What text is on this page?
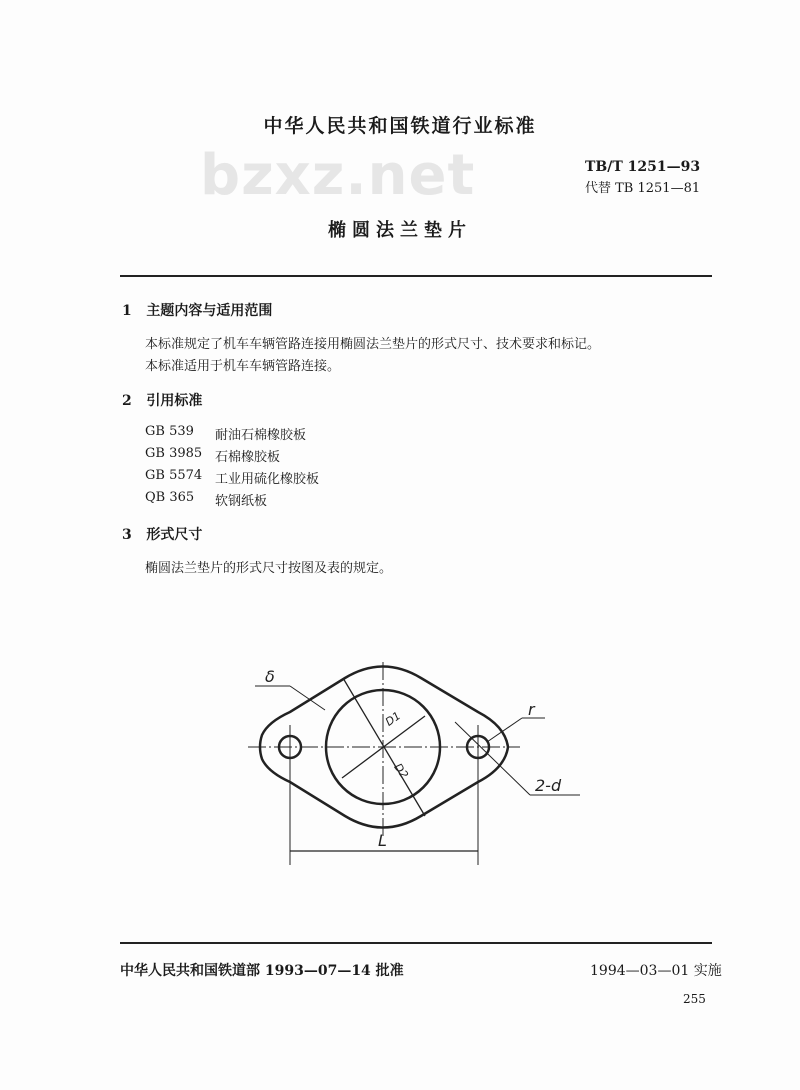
bzxz.net
中华人民共和国铁道行业标准
TB/T 1251—93
代替 TB 1251—81
椭圆法兰垫片
1 主题内容与适用范围
本标准规定了机车车辆管路连接用椭圆法兰垫片的形式尺寸、技术要求和标记。
本标准适用于机车车辆管路连接。
2 引用标准
GB 539 耐油石棉橡胶板
GB 3985 石棉橡胶板
GB 5574 工业用硫化橡胶板
QB 365 软钢纸板
3 形式尺寸
椭圆法兰垫片的形式尺寸按图及表的规定。
δ
D1
D2
r
2-d
L
中华人民共和国铁道部 1993—07—14 批准	1994—03—01 实施
255
